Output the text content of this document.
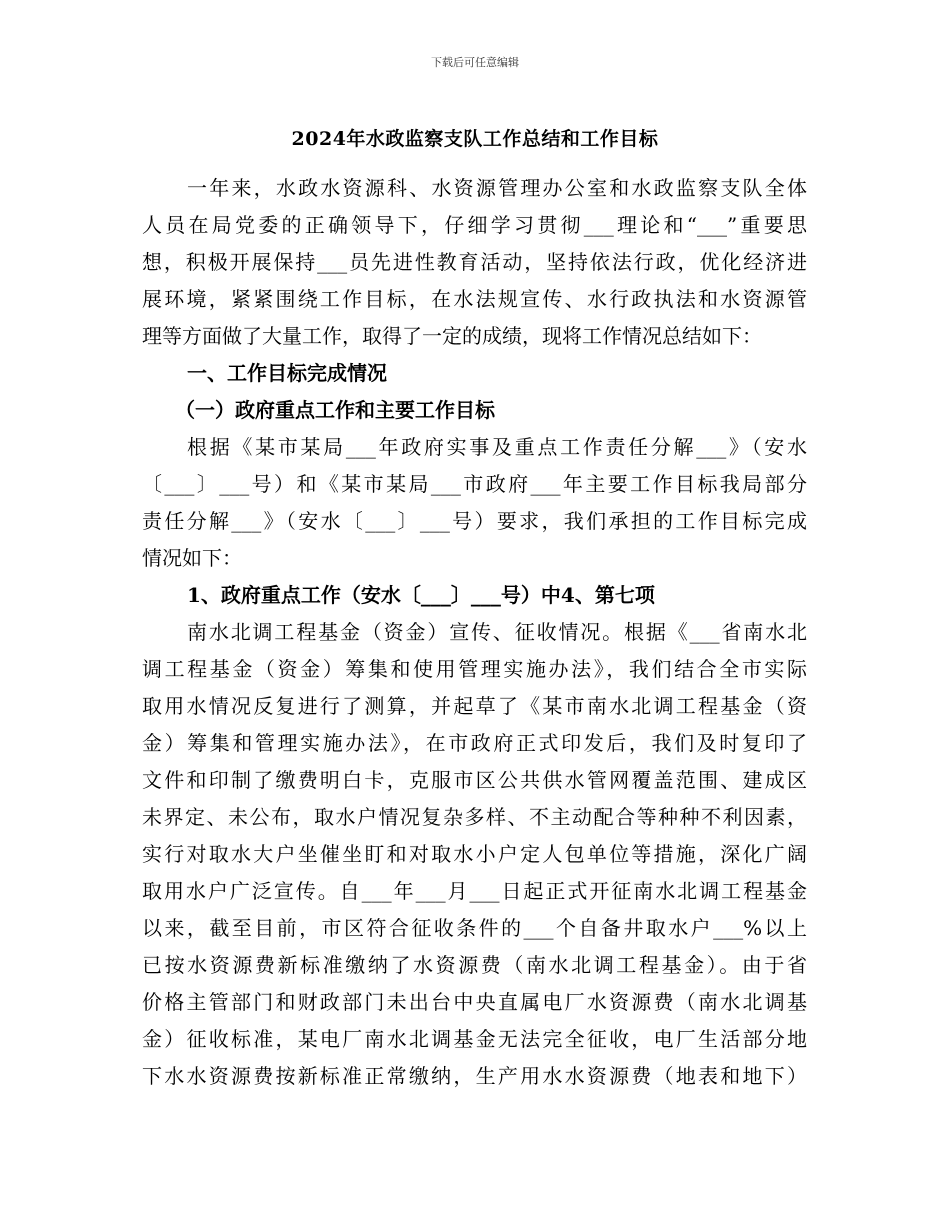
下载后可任意编辑
2024年水政监察支队工作总结和工作目标
一年来，水政水资源科、水资源管理办公室和水政监察支队全体
人员在局党委的正确领导下，仔细学习贯彻___理论和“___”重要思
想，积极开展保持___员先进性教育活动，坚持依法行政，优化经济进
展环境，紧紧围绕工作目标，在水法规宣传、水行政执法和水资源管
理等方面做了大量工作，取得了一定的成绩，现将工作情况总结如下：
一、工作目标完成情况
（一）政府重点工作和主要工作目标
根据《某市某局___年政府实事及重点工作责任分解___》（安水
〔___〕___号）和《某市某局___市政府___年主要工作目标我局部分
责任分解___》（安水〔___〕___号）要求，我们承担的工作目标完成
情况如下：
1、政府重点工作（安水〔___〕___号）中4、第七项
南水北调工程基金（资金）宣传、征收情况。根据《___省南水北
调工程基金（资金）筹集和使用管理实施办法》，我们结合全市实际
取用水情况反复进行了测算，并起草了《某市南水北调工程基金（资
金）筹集和管理实施办法》，在市政府正式印发后，我们及时复印了
文件和印制了缴费明白卡，克服市区公共供水管网覆盖范围、建成区
未界定、未公布，取水户情况复杂多样、不主动配合等种种不利因素，
实行对取水大户坐催坐盯和对取水小户定人包单位等措施，深化广阔
取用水户广泛宣传。自___年___月___日起正式开征南水北调工程基金
以来，截至目前，市区符合征收条件的___个自备井取水户___%以上
已按水资源费新标准缴纳了水资源费（南水北调工程基金）。由于省
价格主管部门和财政部门未出台中央直属电厂水资源费（南水北调基
金）征收标准，某电厂南水北调基金无法完全征收，电厂生活部分地
下水水资源费按新标准正常缴纳，生产用水水资源费（地表和地下）
